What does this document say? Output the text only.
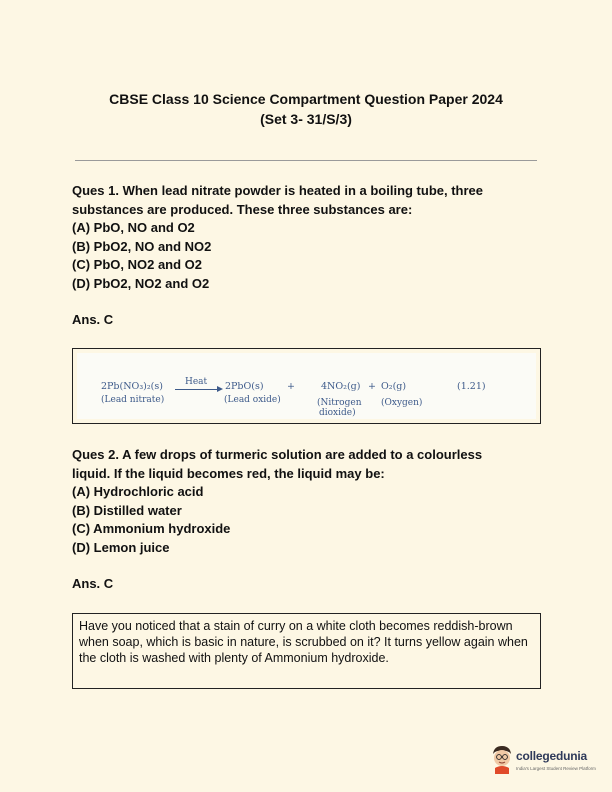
CBSE Class 10 Science Compartment Question Paper 2024
(Set 3- 31/S/3)
Ques 1. When lead nitrate powder is heated in a boiling tube, three
substances are produced. These three substances are:
(A) PbO, NO and O2
(B) PbO2, NO and NO2
(C) PbO, NO2 and O2
(D) PbO2, NO2 and O2
Ans. C
2Pb(NO₃)₂(s) Heat 2PbO(s) +	4NO₂(g) + O₂(g)	(1.21)
(Lead nitrate)	(Lead oxide)	(Nitrogen
dioxide)
(Oxygen)
Ques 2. A few drops of turmeric solution are added to a colourless
liquid. If the liquid becomes red, the liquid may be:
(A) Hydrochloric acid
(B) Distilled water
(C) Ammonium hydroxide
(D) Lemon juice
Ans. C
Have you noticed that a stain of curry on a white cloth becomes reddish-brown when soap, which is basic in nature, is scrubbed on it? It turns yellow again when the cloth is washed with plenty of Ammonium hydroxide.
collegedunia
India's Largest Student Review Platform
